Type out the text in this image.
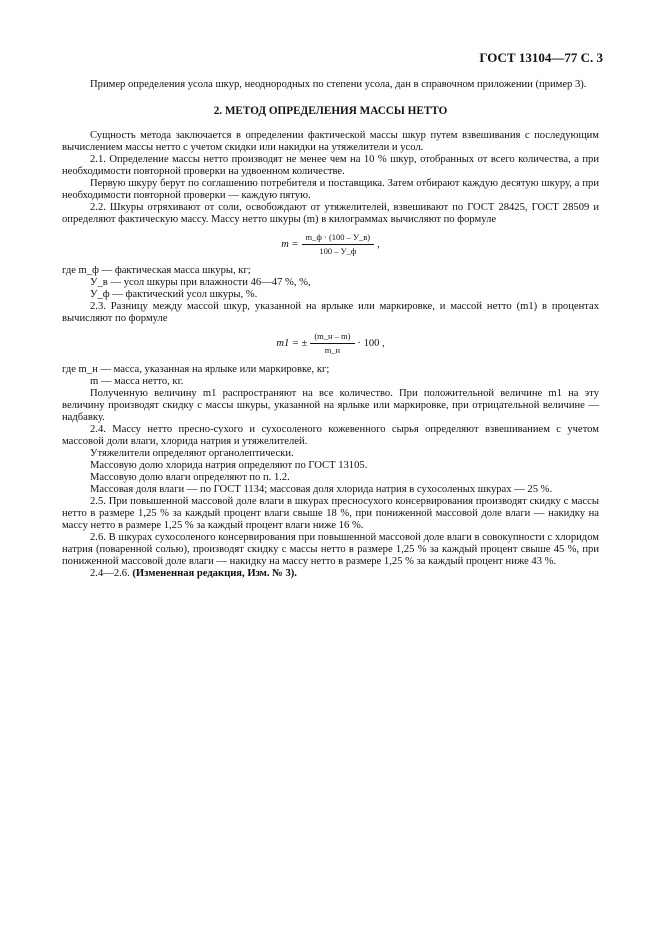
ГОСТ 13104—77 С. 3

Пример определения усола шкур, неоднородных по степени усола, дан в справочном приложении (пример 3).

2. МЕТОД ОПРЕДЕЛЕНИЯ МАССЫ НЕТТО

Сущность метода заключается в определении фактической массы шкур путем взвешивания с последующим вычислением массы нетто с учетом скидки или накидки на утяжелители и усол.

2.1. Определение массы нетто производят не менее чем на 10 % шкур, отобранных от всего количества, а при необходимости повторной проверки на удвоенном количестве.

Первую шкуру берут по соглашению потребителя и поставщика. Затем отбирают каждую десятую шкуру, а при необходимости повторной проверки — каждую пятую.

2.2. Шкуры отряхивают от соли, освобождают от утяжелителей, взвешивают по ГОСТ 28425, ГОСТ 28509 и определяют фактическую массу. Массу нетто шкуры (m) в килограммах вычисляют по формуле

$m = \frac{m\_ф \cdot (100 - У\_в)}{100 - У\_ф}$ ,

где m_ф — фактическая масса шкуры, кг;

У_в — усол шкуры при влажности 46—47 %, %,

У_ф — фактический усол шкуры, %.

2.3. Разницу между массой шкур, указанной на ярлыке или маркировке, и массой нетто (m1) в процентах вычисляют по формуле

m1 = ± $\frac{(m\_н - m)}{m\_н} \cdot 100$ ,

где m_н — масса, указанная на ярлыке или маркировке, кг;

m — масса нетто, кг.

Полученную величину m1 распространяют на все количество. При положительной величине m1 на эту величину производят скидку с массы шкуры, указанной на ярлыке или маркировке, при отрицательной величине — надбавку.

2.4. Массу нетто пресно-сухого и сухосоленого кожевенного сырья определяют взвешиванием с учетом массовой доли влаги, хлорида натрия и утяжелителей.

Утяжелители определяют органолептически.

Массовую долю хлорида натрия определяют по ГОСТ 13105.

Массовую долю влаги определяют по п. 1.2.

Массовая доля влаги — по ГОСТ 1134; массовая доля хлорида натрия в сухосоленых шкурах — 25 %.

2.5. При повышенной массовой доле влаги в шкурах пресносухого консервирования производят скидку с массы нетто в размере 1,25 % за каждый процент влаги свыше 18 %, при пониженной массовой доле влаги — накидку на массу нетто в размере 1,25 % за каждый процент влаги ниже 16 %.

2.6. В шкурах сухосоленого консервирования при повышенной массовой доле влаги в совокупности с хлоридом натрия (поваренной солью), производят скидку с массы нетто в размере 1,25 % за каждый процент свыше 45 %, при пониженной массовой доле влаги — накидку на массу нетто в размере 1,25 % за каждый процент ниже 43 %.

2.4—2.6. (Измененная редакция, Изм. № 3).
